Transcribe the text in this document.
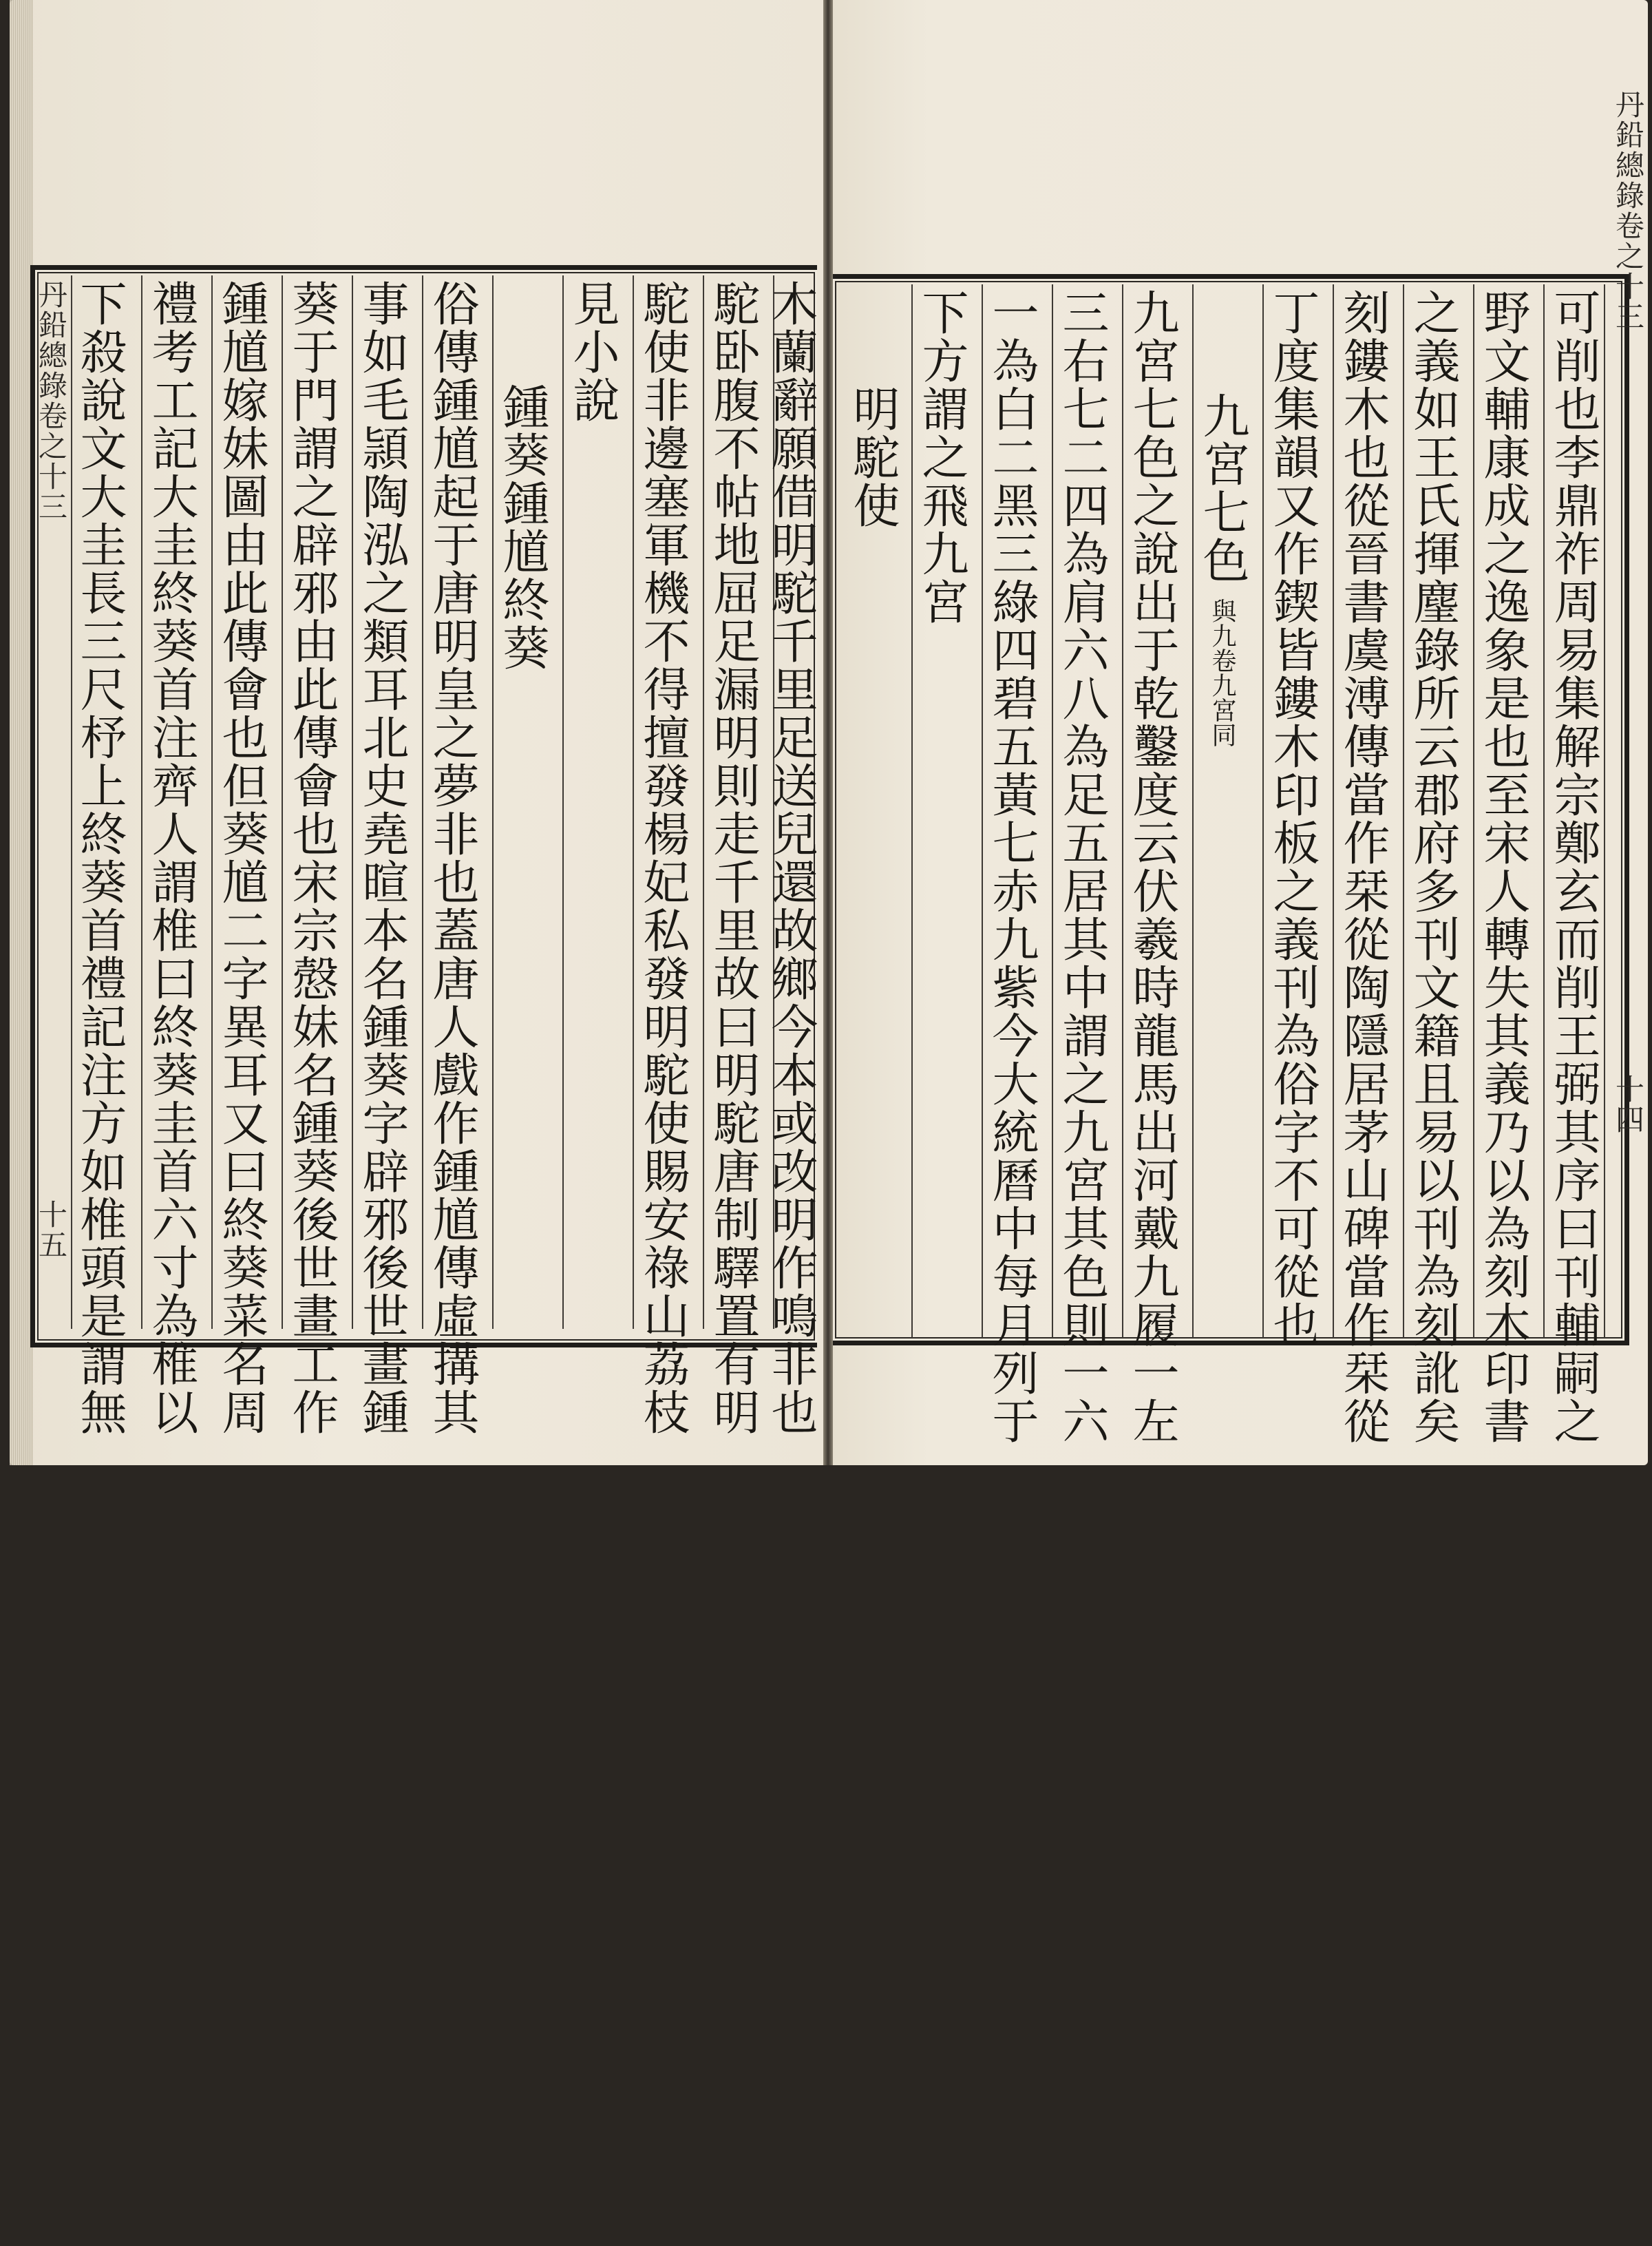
丹鉛總錄卷之十三
十五 下殺說文大圭長三尺杼上終葵首禮記注方如椎頭是謂無 禮考工記大圭終葵首注齊人謂椎曰終葵圭首六寸為椎以 鍾馗嫁妹圖由此傳會也但葵馗二字異耳又曰終葵菜名周 葵于門謂之辟邪由此傳會也宋宗慤妹名鍾葵後世畫工作 事如毛頴陶泓之類耳北史堯暄本名鍾葵字辟邪後世畫鍾 俗傳鍾馗起于唐明皇之夢非也蓋唐人戲作鍾馗傳虛搆其 鍾葵鍾馗終葵
見小說 駝使非邊塞軍機不得擅發楊妃私發明駝使賜安祿山荔枝 駝卧腹不帖地屈足漏明則走千里故曰明駝唐制驛置有明 木蘭辭願借明駝千里足送兒還故鄉今本或改明作鳴非也 明駝使 下方謂之飛九宮 一為白二黑三綠四碧五黃七赤九紫今大統曆中每月列于 三右七二四為肩六八為足五居其中謂之九宮其色則一六 九宮七色之說出于乾鑿度云伏羲時龍馬出河戴九履一左 九宮七色與九卷九宮同 丁度集韻又作鍥皆鏤木印板之義刊為俗字不可從也 刻鏤木也從晉書虞溥傳當作栞從陶隱居茅山碑當作栞從 之義如王氏揮麈錄所云郡府多刊文籍且易以刊為刻訛矣 野文輔康成之逸象是也至宋人轉失其義乃以為刻木印書 可削也李鼎祚周易集解宗鄭玄而削王弼其序曰刊輔嗣之
丹鉛總錄卷之十三
十四
